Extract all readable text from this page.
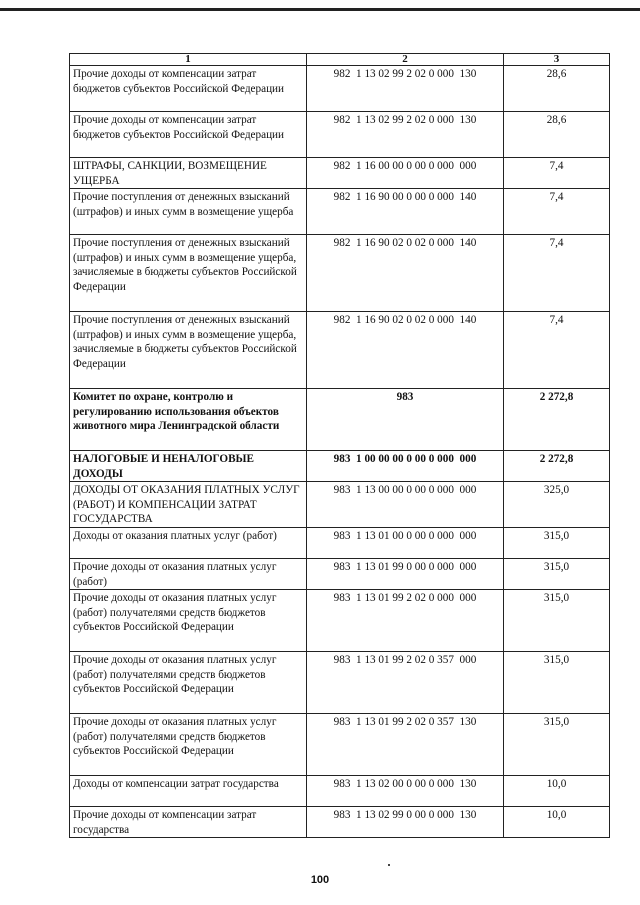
1	2	3
Прочие доходы от компенсации затрат бюджетов субъектов Российской Федерации	982  1 13 02 99 2 02 0 000  130	28,6
Прочие доходы от компенсации затрат бюджетов субъектов Российской Федерации	982  1 13 02 99 2 02 0 000  130	28,6
ШТРАФЫ, САНКЦИИ, ВОЗМЕЩЕНИЕ УЩЕРБА	982  1 16 00 00 0 00 0 000  000	7,4
Прочие поступления от денежных взысканий (штрафов) и иных сумм в возмещение ущерба	982  1 16 90 00 0 00 0 000  140	7,4
Прочие поступления от денежных взысканий (штрафов) и иных сумм в возмещение ущерба, зачисляемые в бюджеты субъектов Российской Федерации	982  1 16 90 02 0 02 0 000  140	7,4
Прочие поступления от денежных взысканий (штрафов) и иных сумм в возмещение ущерба, зачисляемые в бюджеты субъектов Российской Федерации	982  1 16 90 02 0 02 0 000  140	7,4
Комитет по охране, контролю и регулированию использования объектов животного мира Ленинградской области	983	2 272,8
НАЛОГОВЫЕ И НЕНАЛОГОВЫЕ ДОХОДЫ	983  1 00 00 00 0 00 0 000  000	2 272,8
ДОХОДЫ ОТ ОКАЗАНИЯ ПЛАТНЫХ УСЛУГ (РАБОТ) И КОМПЕНСАЦИИ ЗАТРАТ ГОСУДАРСТВА	983  1 13 00 00 0 00 0 000  000	325,0
Доходы от оказания платных услуг (работ)	983  1 13 01 00 0 00 0 000  000	315,0
Прочие доходы от оказания платных услуг (работ)	983  1 13 01 99 0 00 0 000  000	315,0
Прочие доходы от оказания платных услуг (работ) получателями средств бюджетов субъектов Российской Федерации	983  1 13 01 99 2 02 0 000  000	315,0
Прочие доходы от оказания платных услуг (работ) получателями средств бюджетов субъектов Российской Федерации	983  1 13 01 99 2 02 0 357  000	315,0
Прочие доходы от оказания платных услуг (работ) получателями средств бюджетов субъектов Российской Федерации	983  1 13 01 99 2 02 0 357  130	315,0
Доходы от компенсации затрат государства	983  1 13 02 00 0 00 0 000  130	10,0
Прочие доходы от компенсации затрат государства	983  1 13 02 99 0 00 0 000  130	10,0
100
